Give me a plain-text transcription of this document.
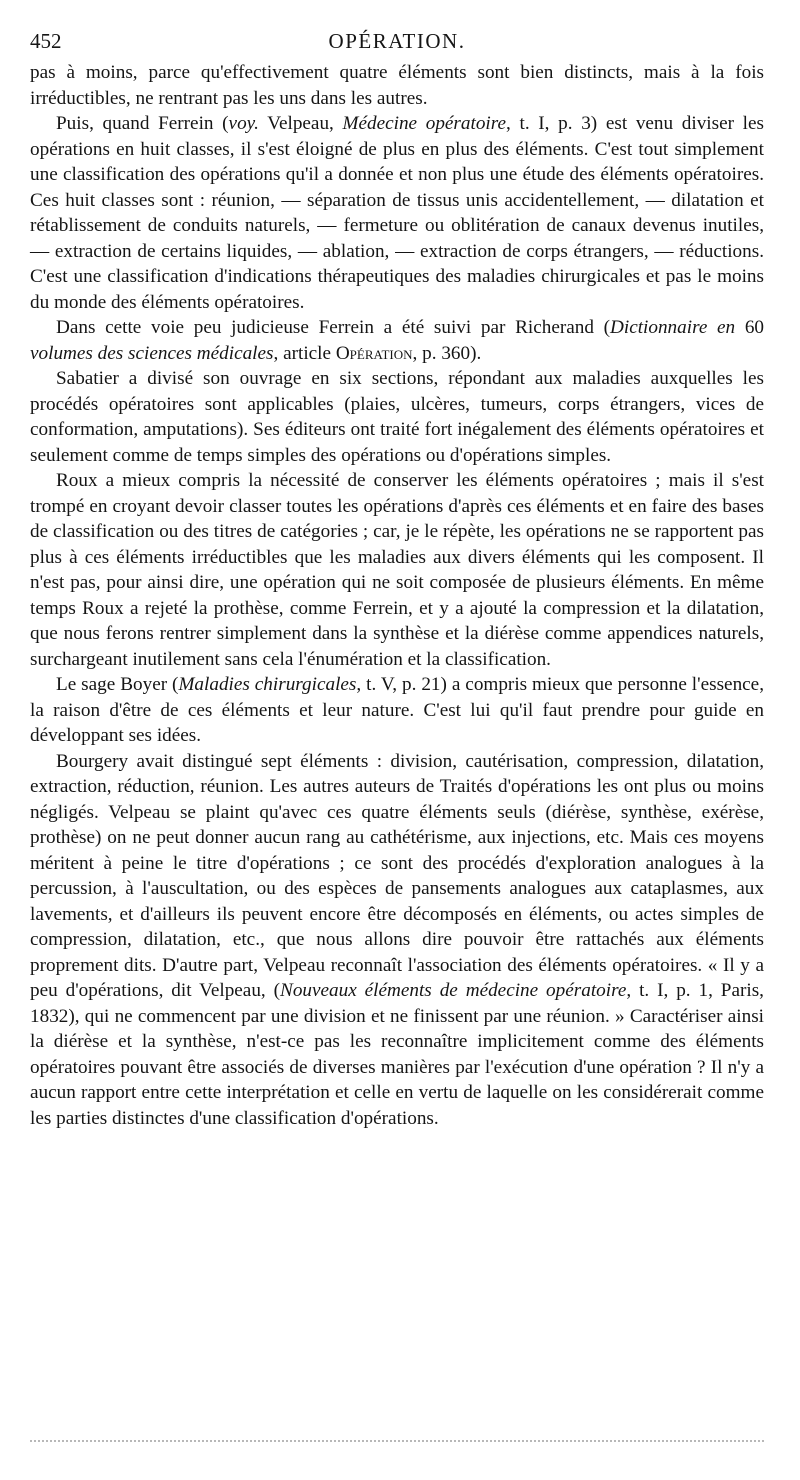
452	OPÉRATION.

pas à moins, parce qu'effectivement quatre éléments sont bien distincts, mais à la fois irréductibles, ne rentrant pas les uns dans les autres.

Puis, quand Ferrein (voy. Velpeau, Médecine opératoire, t. I, p. 3) est venu diviser les opérations en huit classes, il s'est éloigné de plus en plus des éléments. C'est tout simplement une classification des opérations qu'il a donnée et non plus une étude des éléments opératoires. Ces huit classes sont : réunion, — séparation de tissus unis accidentellement, — dilatation et rétablissement de conduits naturels, — fermeture ou oblitération de canaux devenus inutiles, — extraction de certains liquides, — ablation, — extraction de corps étrangers, — réductions. C'est une classification d'indications thérapeutiques des maladies chirurgicales et pas le moins du monde des éléments opératoires.

Dans cette voie peu judicieuse Ferrein a été suivi par Richerand (Dictionnaire en 60 volumes des sciences médicales, article Opération, p. 360).

Sabatier a divisé son ouvrage en six sections, répondant aux maladies auxquelles les procédés opératoires sont applicables (plaies, ulcères, tumeurs, corps étrangers, vices de conformation, amputations). Ses éditeurs ont traité fort inégalement des éléments opératoires et seulement comme de temps simples des opérations ou d'opérations simples.

Roux a mieux compris la nécessité de conserver les éléments opératoires ; mais il s'est trompé en croyant devoir classer toutes les opérations d'après ces éléments et en faire des bases de classification ou des titres de catégories ; car, je le répète, les opérations ne se rapportent pas plus à ces éléments irréductibles que les maladies aux divers éléments qui les composent. Il n'est pas, pour ainsi dire, une opération qui ne soit composée de plusieurs éléments. En même temps Roux a rejeté la prothèse, comme Ferrein, et y a ajouté la compression et la dilatation, que nous ferons rentrer simplement dans la synthèse et la diérèse comme appendices naturels, surchargeant inutilement sans cela l'énumération et la classification.

Le sage Boyer (Maladies chirurgicales, t. V, p. 21) a compris mieux que personne l'essence, la raison d'être de ces éléments et leur nature. C'est lui qu'il faut prendre pour guide en développant ses idées.

Bourgery avait distingué sept éléments : division, cautérisation, compression, dilatation, extraction, réduction, réunion. Les autres auteurs de Traités d'opérations les ont plus ou moins négligés. Velpeau se plaint qu'avec ces quatre éléments seuls (diérèse, synthèse, exérèse, prothèse) on ne peut donner aucun rang au cathétérisme, aux injections, etc. Mais ces moyens méritent à peine le titre d'opérations ; ce sont des procédés d'exploration analogues à la percussion, à l'auscultation, ou des espèces de pansements analogues aux cataplasmes, aux lavements, et d'ailleurs ils peuvent encore être décomposés en éléments, ou actes simples de compression, dilatation, etc., que nous allons dire pouvoir être rattachés aux éléments proprement dits. D'autre part, Velpeau reconnaît l'association des éléments opératoires. « Il y a peu d'opérations, dit Velpeau, (Nouveaux éléments de médecine opératoire, t. I, p. 1, Paris, 1832), qui ne commencent par une division et ne finissent par une réunion. » Caractériser ainsi la diérèse et la synthèse, n'est-ce pas les reconnaître implicitement comme des éléments opératoires pouvant être associés de diverses manières par l'exécution d'une opération ? Il n'y a aucun rapport entre cette interprétation et celle en vertu de laquelle on les considérerait comme les parties distinctes d'une classification d'opérations.
